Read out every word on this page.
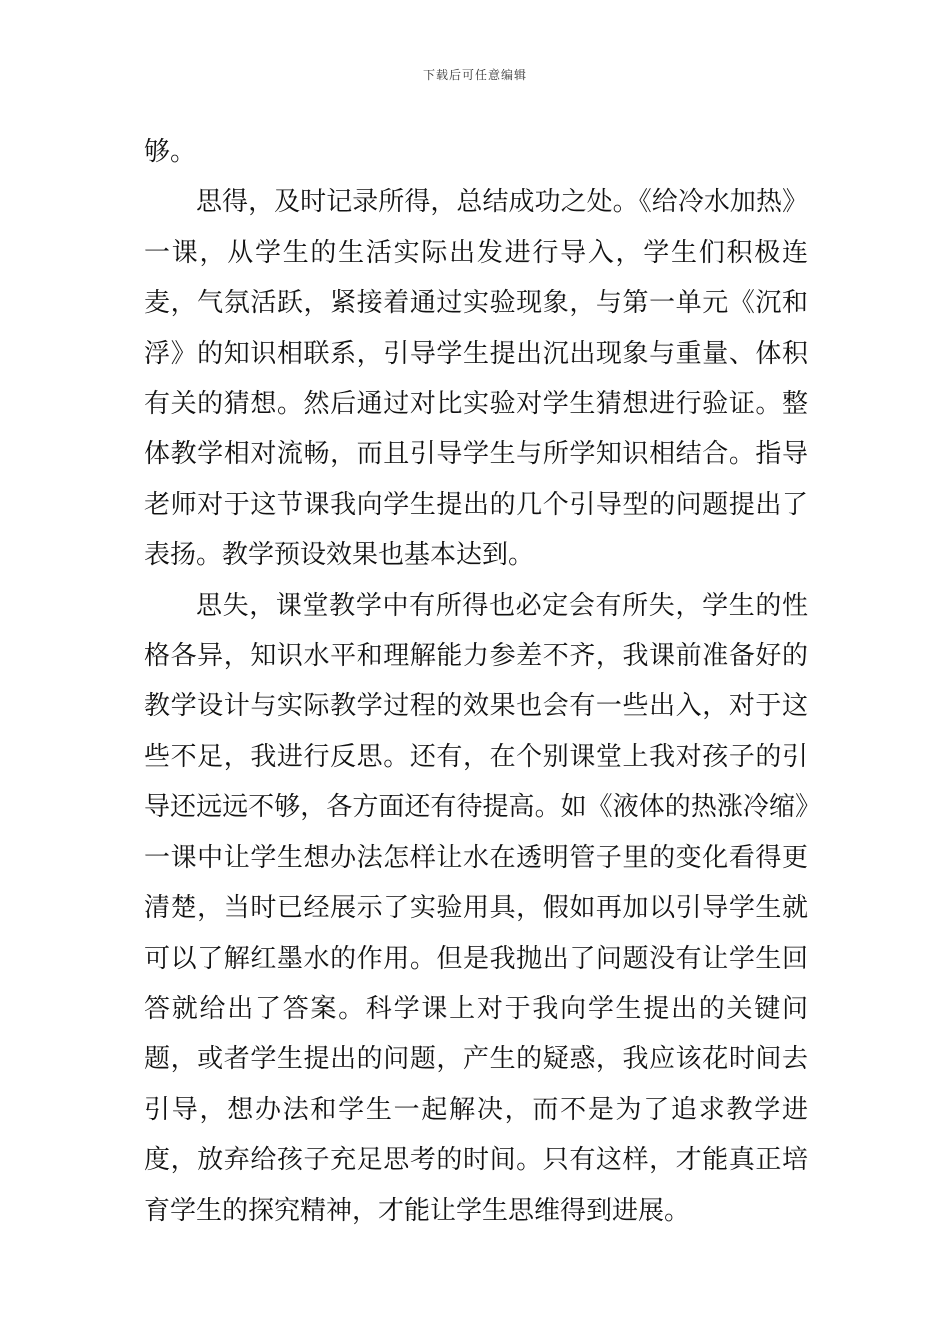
下载后可任意编辑

够。

思得，及时记录所得，总结成功之处。《给冷水加热》一课，从学生的生活实际出发进行导入，学生们积极连麦，气氛活跃，紧接着通过实验现象，与第一单元《沉和浮》的知识相联系，引导学生提出沉出现象与重量、体积有关的猜想。然后通过对比实验对学生猜想进行验证。整体教学相对流畅，而且引导学生与所学知识相结合。指导老师对于这节课我向学生提出的几个引导型的问题提出了表扬。教学预设效果也基本达到。

思失，课堂教学中有所得也必定会有所失，学生的性格各异，知识水平和理解能力参差不齐，我课前准备好的教学设计与实际教学过程的效果也会有一些出入，对于这些不足，我进行反思。还有，在个别课堂上我对孩子的引导还远远不够，各方面还有待提高。如《液体的热涨冷缩》一课中让学生想办法怎样让水在透明管子里的变化看得更清楚，当时已经展示了实验用具，假如再加以引导学生就可以了解红墨水的作用。但是我抛出了问题没有让学生回答就给出了答案。科学课上对于我向学生提出的关键问题，或者学生提出的问题，产生的疑惑，我应该花时间去引导，想办法和学生一起解决，而不是为了追求教学进度，放弃给孩子充足思考的时间。只有这样，才能真正培育学生的探究精神，才能让学生思维得到进展。
